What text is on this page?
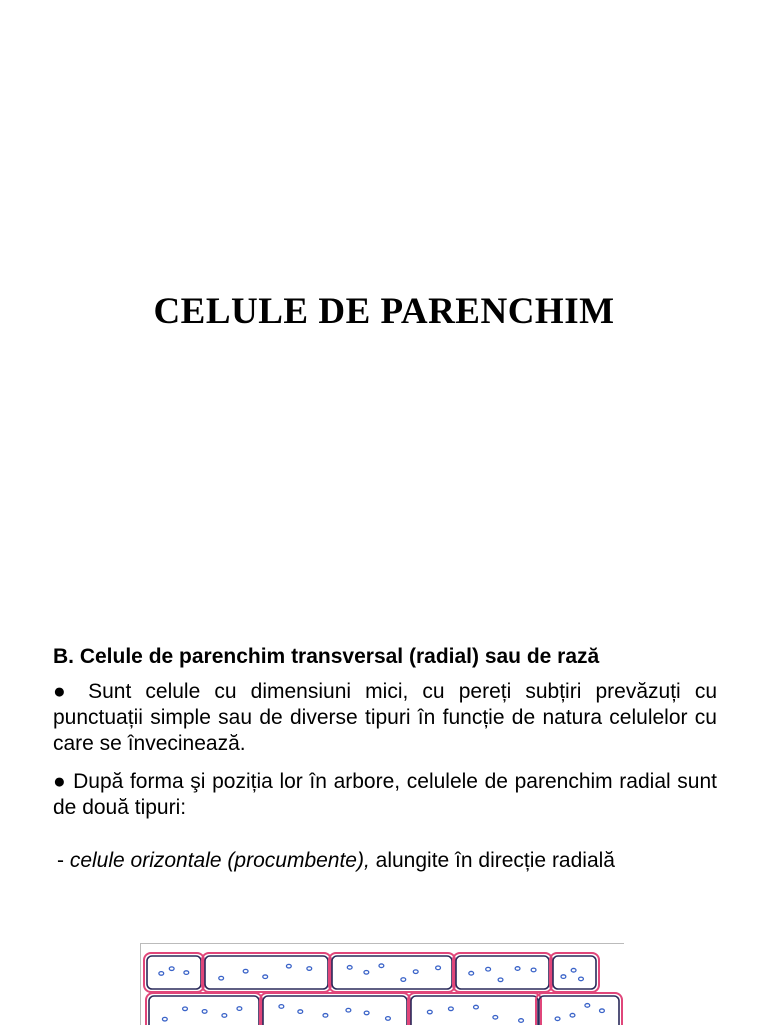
CELULE DE PARENCHIM
B. Celule de parenchim transversal (radial) sau de rază

● Sunt celule cu dimensiuni mici, cu pereți subțiri prevăzuți cu punctuații simple sau de diverse tipuri în funcție de natura celulelor cu care se învecinează.

● După forma şi poziția lor în arbore, celulele de parenchim radial sunt de două tipuri:

- celule orizontale (procumbente), alungite în direcție radială
